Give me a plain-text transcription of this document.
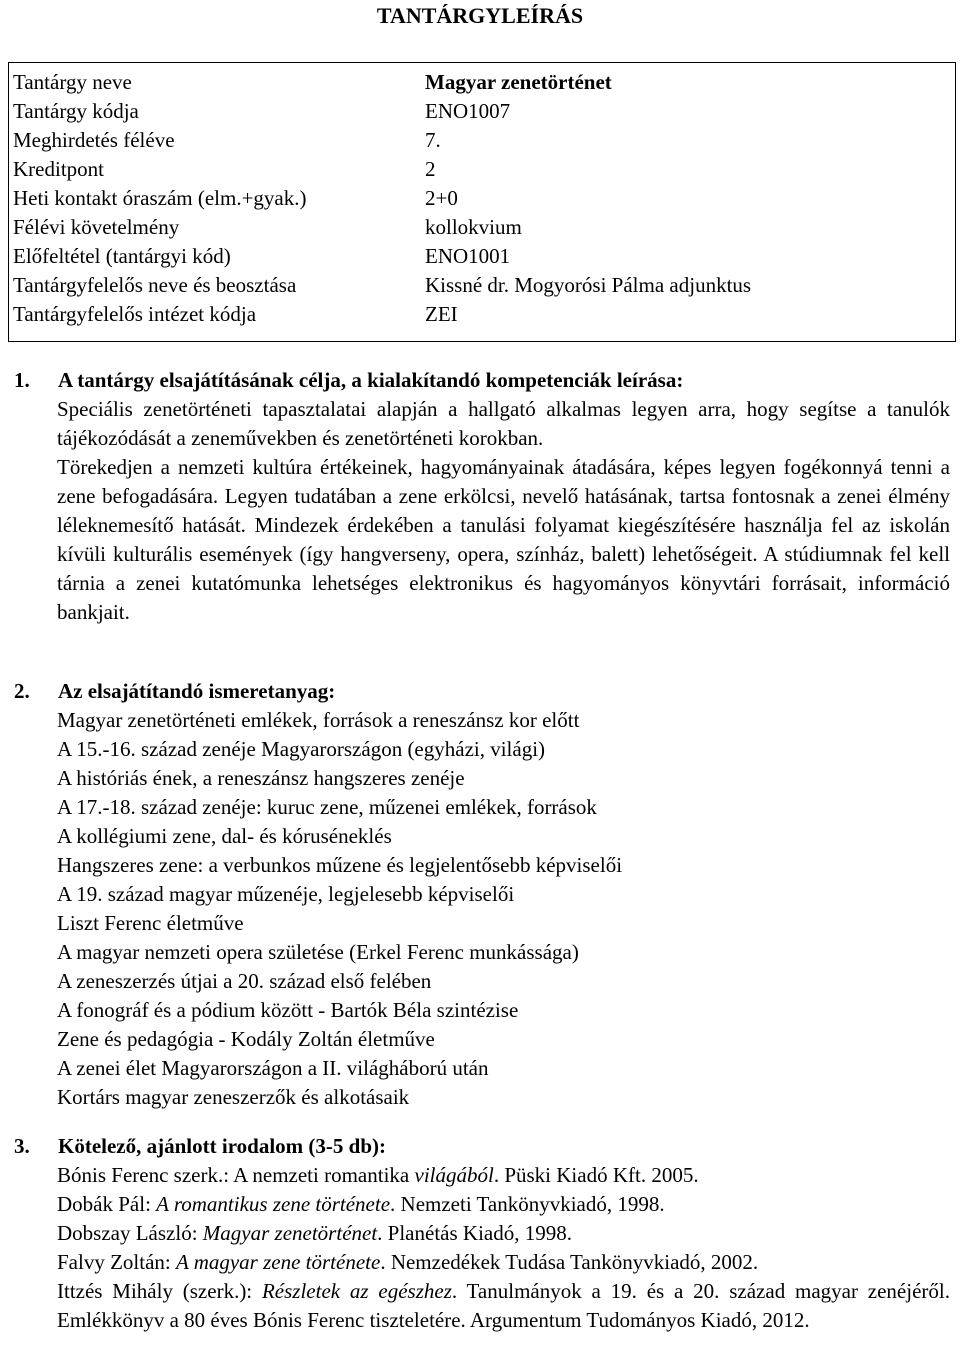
TANTÁRGYLEÍRÁS
Tantárgy neve	Magyar zenetörténet
Tantárgy kódja	ENO1007
Meghirdetés féléve	7.
Kreditpont	2
Heti kontakt óraszám (elm.+gyak.)	2+0
Félévi követelmény	kollokvium
Előfeltétel (tantárgyi kód)	ENO1001
Tantárgyfelelős neve és beosztása	Kissné dr. Mogyorósi Pálma adjunktus
Tantárgyfelelős intézet kódja	ZEI
1. A tantárgy elsajátításának célja, a kialakítandó kompetenciák leírása:

Speciális zenetörténeti tapasztalatai alapján a hallgató alkalmas legyen arra, hogy segítse a tanulók tájékozódását a zeneművekben és zenetörténeti korokban.

Törekedjen a nemzeti kultúra értékeinek, hagyományainak átadására, képes legyen fogékonnyá tenni a zene befogadására. Legyen tudatában a zene erkölcsi, nevelő hatásának, tartsa fontosnak a zenei élmény léleknemesítő hatását. Mindezek érdekében a tanulási folyamat kiegészítésére használja fel az iskolán kívüli kulturális események (így hangverseny, opera, színház, balett) lehetőségeit. A stúdiumnak fel kell tárnia a zenei kutatómunka lehetséges elektronikus és hagyományos könyvtári forrásait, információ bankjait.

2. Az elsajátítandó ismeretanyag:
Magyar zenetörténeti emlékek, források a reneszánsz kor előtt
A 15.-16. század zenéje Magyarországon (egyházi, világi)
A históriás ének, a reneszánsz hangszeres zenéje
A 17.-18. század zenéje: kuruc zene, műzenei emlékek, források
A kollégiumi zene, dal- és kóruséneklés
Hangszeres zene: a verbunkos műzene és legjelentősebb képviselői
A 19. század magyar műzenéje, legjelesebb képviselői
Liszt Ferenc életműve
A magyar nemzeti opera születése (Erkel Ferenc munkássága)
A zeneszerzés útjai a 20. század első felében
A fonográf és a pódium között - Bartók Béla szintézise
Zene és pedagógia - Kodály Zoltán életműve
A zenei élet Magyarországon a II. világháború után
Kortárs magyar zeneszerzők és alkotásaik
3. Kötelező, ajánlott irodalom (3-5 db):

Bónis Ferenc szerk.: A nemzeti romantika világából. Püski Kiadó Kft. 2005.

Dobák Pál: A romantikus zene története. Nemzeti Tankönyvkiadó, 1998.

Dobszay László: Magyar zenetörténet. Planétás Kiadó, 1998.

Falvy Zoltán: A magyar zene története. Nemzedékek Tudása Tankönyvkiadó, 2002.

Ittzés Mihály (szerk.): Részletek az egészhez. Tanulmányok a 19. és a 20. század magyar zenéjéről. Emlékkönyv a 80 éves Bónis Ferenc tiszteletére. Argumentum Tudományos Kiadó, 2012.
